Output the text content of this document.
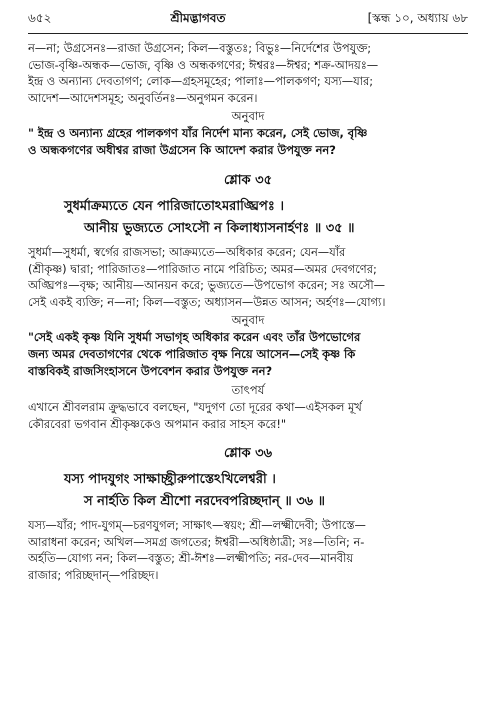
৬৫২	শ্রীমদ্ভাগবত	[স্কন্ধ ১০, অধ্যায় ৬৮
ন—না; উগ্রসেনঃ—রাজা উগ্রসেন; কিল—বস্তুতঃ; বিভুঃ—নির্দেশের উপযুক্ত;
ভোজ-বৃষ্ণি-অন্ধক—ভোজ, বৃষ্ণি ও অন্ধকগণের; ঈশ্বরঃ—ঈশ্বর; শক্র-আদয়ঃ—
ইন্দ্র ও অন্যান্য দেবতাগণ; লোক—গ্রহসমূহের; পালাঃ—পালকগণ; যস্য—যার;
আদেশ—আদেশসমূহ; অনুবর্তিনঃ—অনুগমন করেন।
অনুবাদ
" ইন্দ্র ও অন্যান্য গ্রহের পালকগণ যাঁর নির্দেশ মান্য করেন, সেই ভোজ, বৃষ্ণি
ও অন্ধকগণের অধীশ্বর রাজা উগ্রসেন কি আদেশ করার উপযুক্ত নন?
শ্লোক ৩৫
সুধর্মাক্রম্যতে যেন পারিজাতোঽমরাঙ্ঘ্রিপঃ ।
আনীয় ভুজ্যতে সোঽসৌ ন কিলাধ্যাসনার্হণঃ ॥ ৩৫ ॥
সুধর্মা—সুধর্মা, স্বর্গের রাজসভা; আক্রম্যতে—অধিকার করেন; যেন—যাঁর
(শ্রীকৃষ্ণ) দ্বারা; পারিজাতঃ—পারিজাত নামে পরিচিত; অমর—অমর দেবগণের;
অঙ্ঘ্রিপঃ—বৃক্ষ; আনীয়—আনয়ন করে; ভুজ্যতে—উপভোগ করেন; সঃ অসৌ—
সেই একই ব্যক্তি; ন—না; কিল—বস্তুত; অধ্যাসন—উন্নত আসন; অর্হণঃ—যোগ্য।
অনুবাদ
"সেই একই কৃষ্ণ যিনি সুধর্মা সভাগৃহ অধিকার করেন এবং তাঁর উপভোগের
জন্য অমর দেবতাগণের থেকে পারিজাত বৃক্ষ নিয়ে আসেন—সেই কৃষ্ণ কি
বাস্তবিকই রাজসিংহাসনে উপবেশন করার উপযুক্ত নন?
তাৎপর্য
এখানে শ্রীবলরাম ক্রুদ্ধভাবে বলছেন, "যদুগণ তো দূরের কথা—এইসকল মূর্খ
কৌরবেরা ভগবান শ্রীকৃষ্ণকেও অপমান করার সাহস করে!"
শ্লোক ৩৬
যস্য পাদযুগং সাক্ষাচ্ছ্রীরুপাস্তেঽখিলেশ্বরী ।
স নার্হতি কিল শ্রীশো নরদেবপরিচ্ছদান্‌ ॥ ৩৬ ॥
যস্য—যাঁর; পাদ-যুগম্—চরণযুগল; সাক্ষাৎ—স্বয়ং; শ্রী—লক্ষ্মীদেবী; উপাস্তে—
আরাধনা করেন; অখিল—সমগ্র জগতের; ঈশ্বরী—অধিষ্ঠাত্রী; সঃ—তিনি; ন-
অর্হতি—যোগ্য নন; কিল—বস্তুত; শ্রী-ঈশঃ—লক্ষ্মীপতি; নর-দেব—মানবীয়
রাজার; পরিচ্ছদান্—পরিচ্ছদ।
